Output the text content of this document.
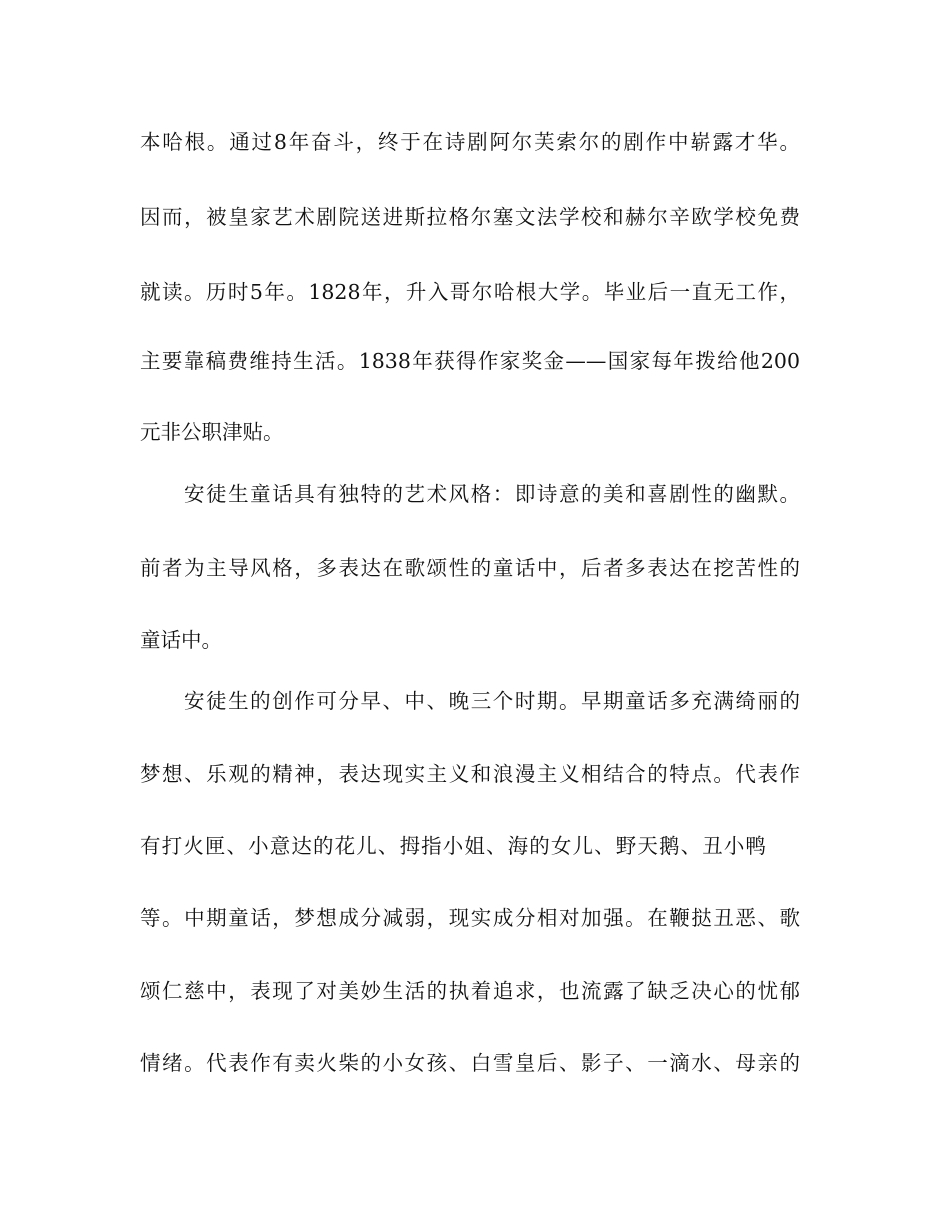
本哈根。通过8年奋斗，终于在诗剧阿尔芙索尔的剧作中崭露才华。
因而，被皇家艺术剧院送进斯拉格尔塞文法学校和赫尔辛欧学校免费
就读。历时5年。1828年，升入哥尔哈根大学。毕业后一直无工作，
主要靠稿费维持生活。1838年获得作家奖金——国家每年拨给他200
元非公职津贴。
安徒生童话具有独特的艺术风格：即诗意的美和喜剧性的幽默。
前者为主导风格，多表达在歌颂性的童话中，后者多表达在挖苦性的
童话中。
安徒生的创作可分早、中、晚三个时期。早期童话多充满绮丽的
梦想、乐观的精神，表达现实主义和浪漫主义相结合的特点。代表作
有打火匣、小意达的花儿、拇指小姐、海的女儿、野天鹅、丑小鸭
等。中期童话，梦想成分减弱，现实成分相对加强。在鞭挞丑恶、歌
颂仁慈中，表现了对美妙生活的执着追求，也流露了缺乏决心的忧郁
情绪。代表作有卖火柴的小女孩、白雪皇后、影子、一滴水、母亲的
